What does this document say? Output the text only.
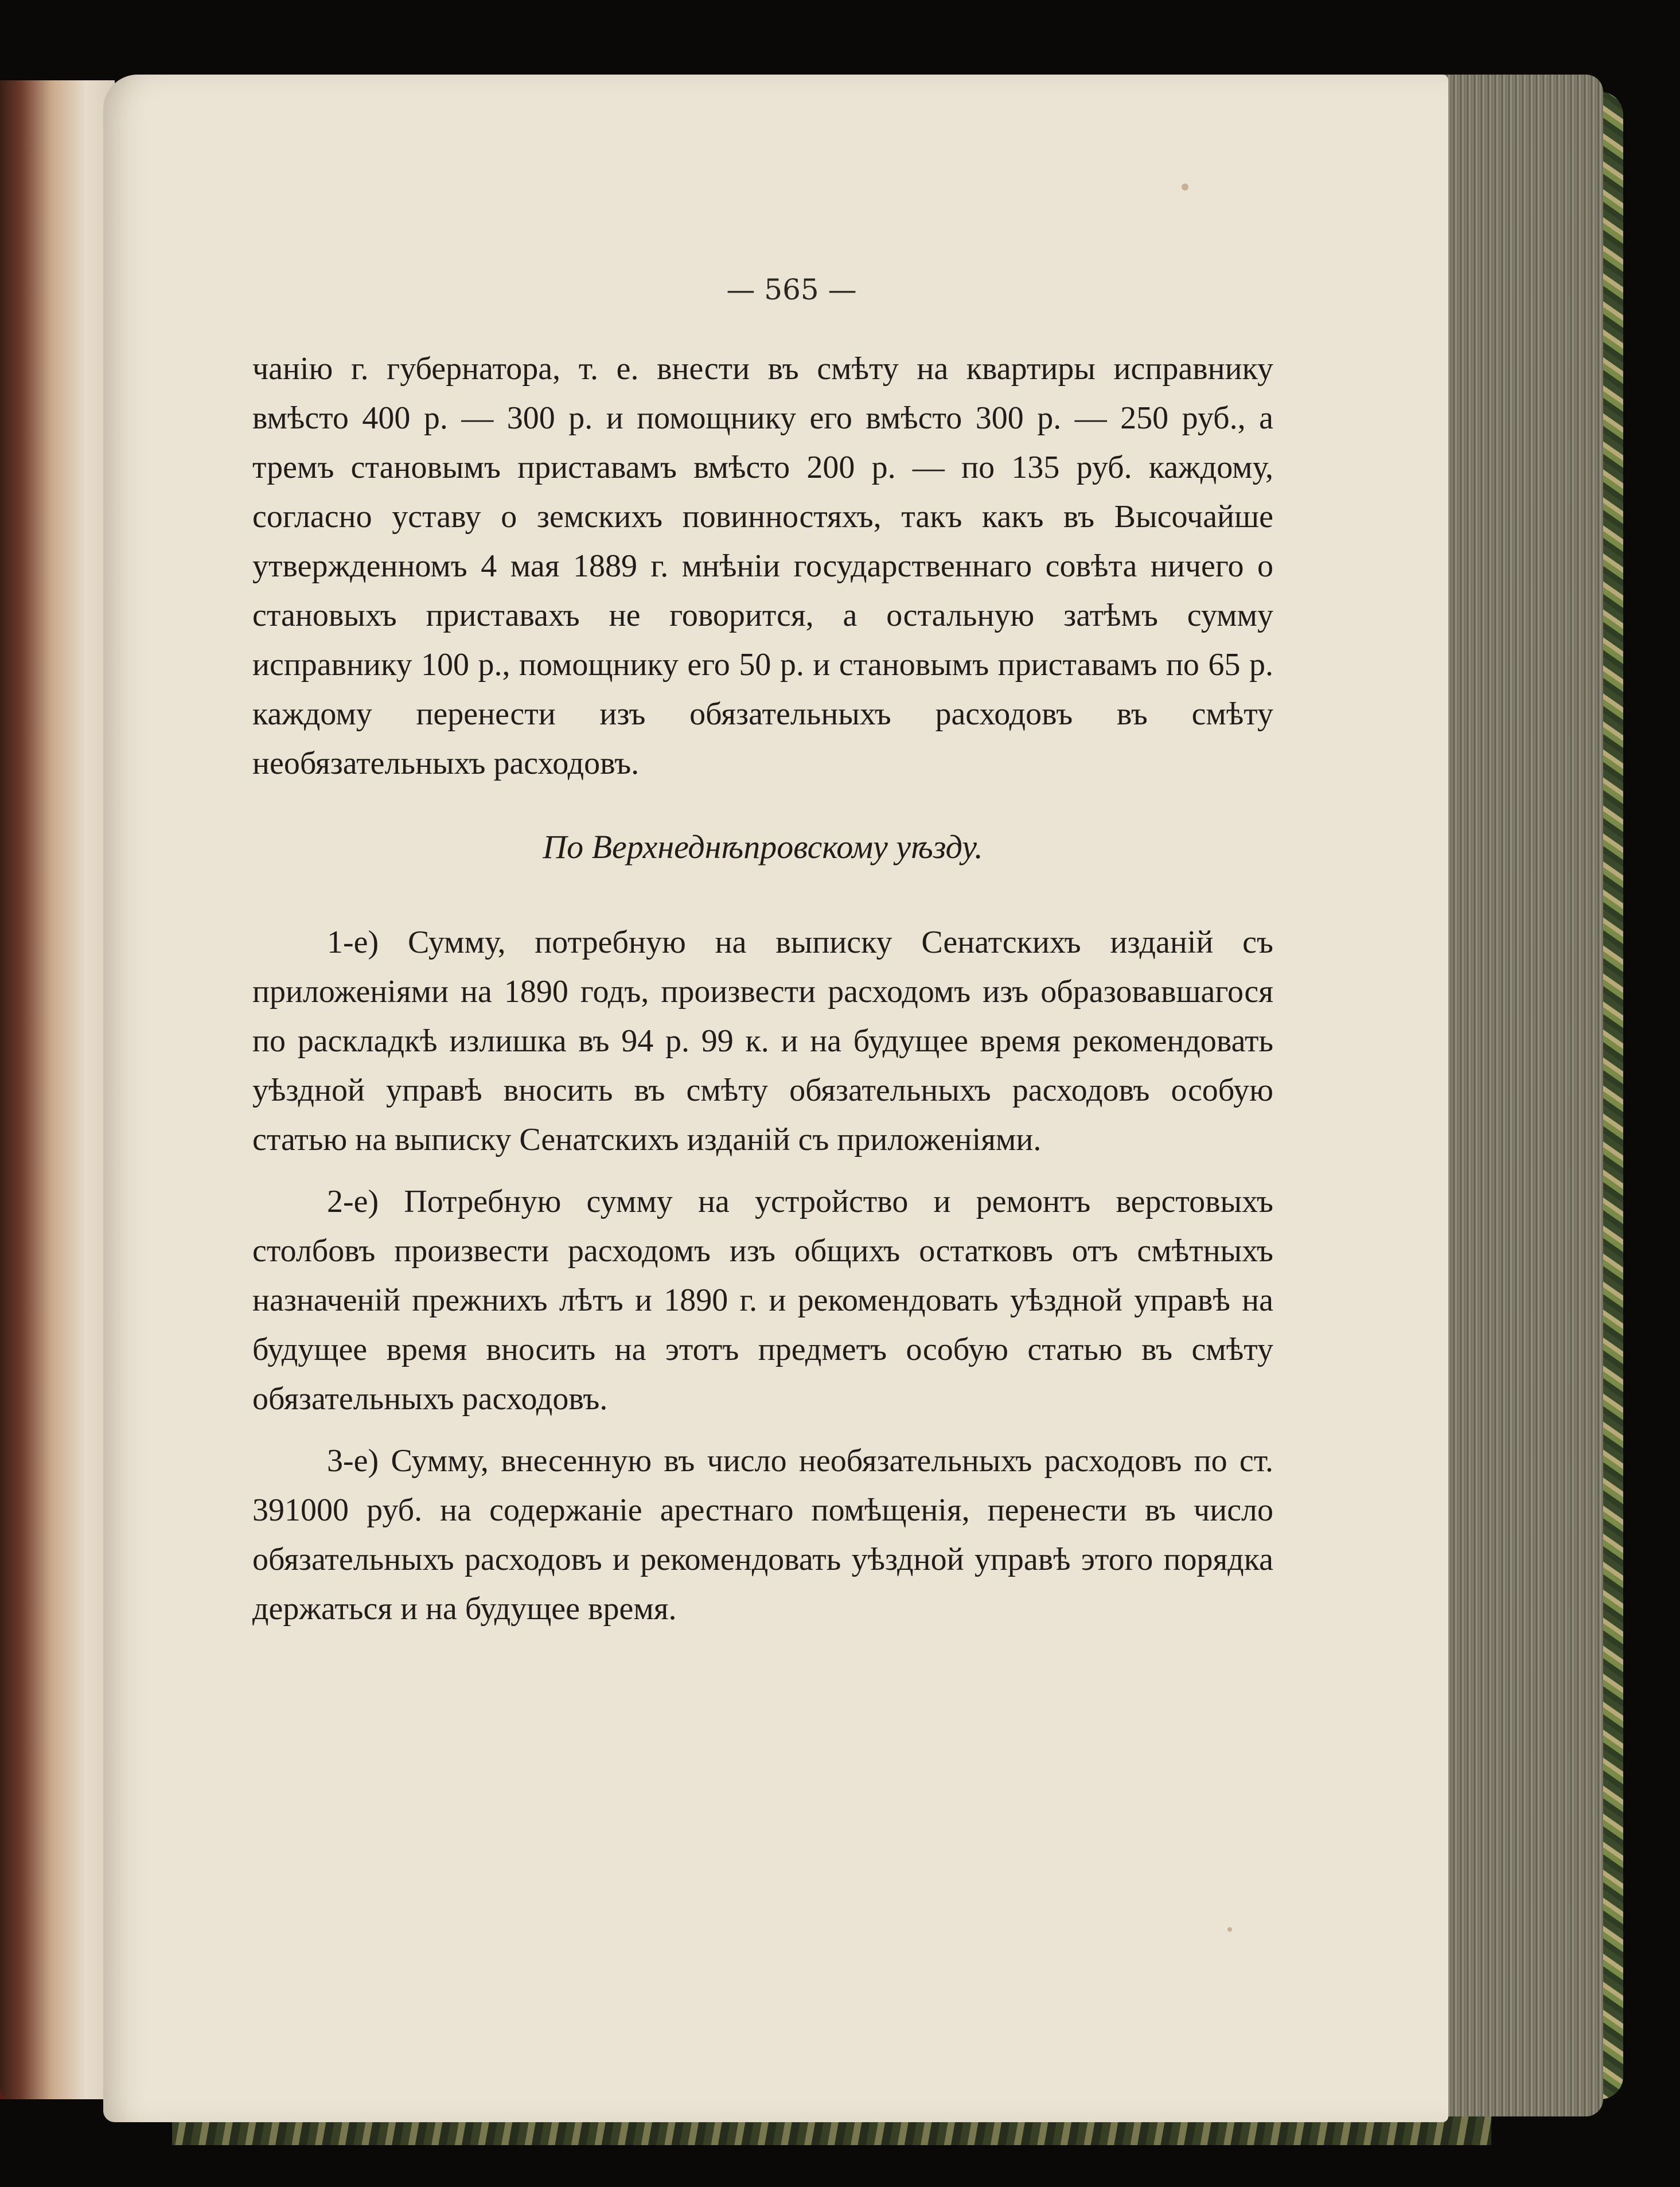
— 565 —

чанію г. губернатора, т. е. внести въ смѣту на квартиры исправнику вмѣсто 400 р. — 300 р. и помощнику его вмѣсто 300 р. — 250 руб., а тремъ становымъ приставамъ вмѣсто 200 р. — по 135 руб. каждому, согласно уставу о земскихъ повинностяхъ, такъ какъ въ Высочайше утвержденномъ 4 мая 1889 г. мнѣніи государственнаго совѣта ничего о становыхъ приставахъ не говорится, а остальную затѣмъ сумму исправнику 100 р., помощнику его 50 р. и становымъ приставамъ по 65 р. каждому перенести изъ обязательныхъ расходовъ въ смѣту необязательныхъ расходовъ.

По Верхнеднѣпровскому уѣзду.

1-е) Сумму, потребную на выписку Сенатскихъ изданій съ приложеніями на 1890 годъ, произвести расходомъ изъ образовавшагося по раскладкѣ излишка въ 94 р. 99 к. и на будущее время рекомендовать уѣздной управѣ вносить въ смѣту обязательныхъ расходовъ особую статью на выписку Сенатскихъ изданій съ приложеніями.

2-е) Потребную сумму на устройство и ремонтъ верстовыхъ столбовъ произвести расходомъ изъ общихъ остатковъ отъ смѣтныхъ назначеній прежнихъ лѣтъ и 1890 г. и рекомендовать уѣздной управѣ на будущее время вносить на этотъ предметъ особую статью въ смѣту обязательныхъ расходовъ.

3-е) Сумму, внесенную въ число необязательныхъ расходовъ по ст. 391000 руб. на содержаніе арестнаго помѣщенія, перенести въ число обязательныхъ расходовъ и рекомендовать уѣздной управѣ этого порядка держаться и на будущее время.
